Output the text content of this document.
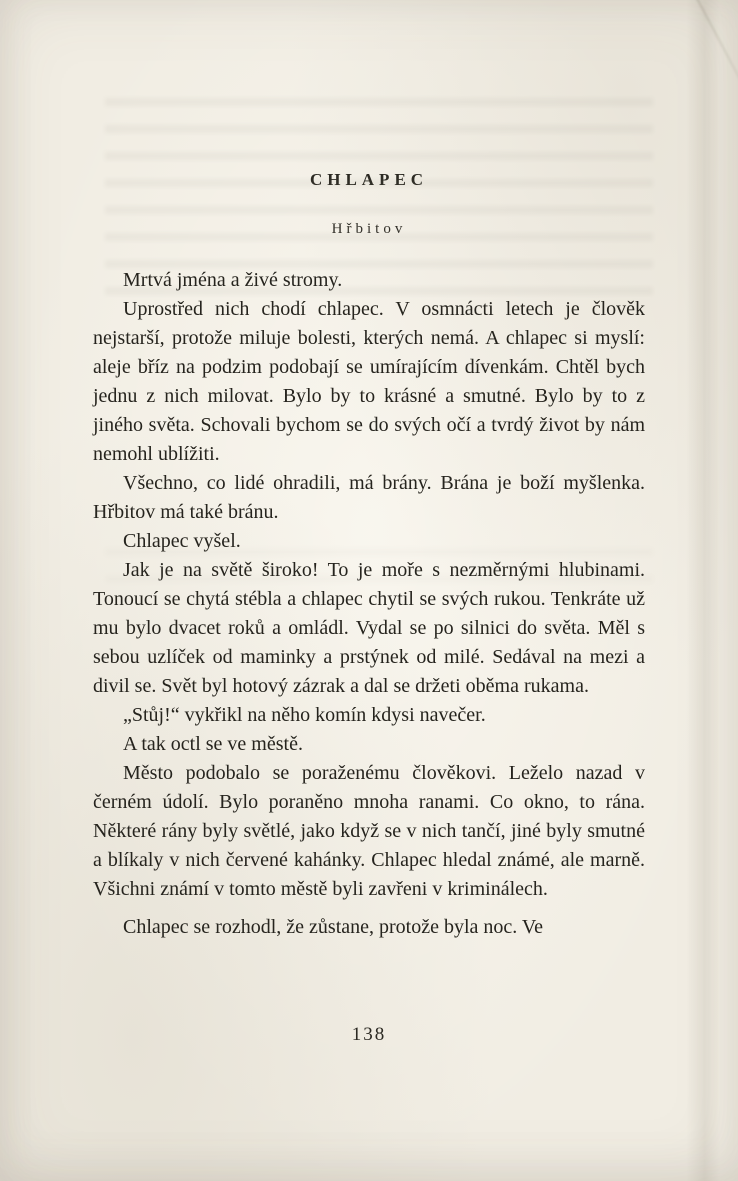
CHLAPEC
Hřbitov

Mrtvá jména a živé stromy.

Uprostřed nich chodí chlapec. V osmnácti letech je člověk nejstarší, protože miluje bolesti, kterých nemá. A chlapec si myslí: aleje bříz na podzim podobají se umírajícím dívenkám. Chtěl bych jednu z nich milovat. Bylo by to krásné a smutné. Bylo by to z jiného světa. Schovali bychom se do svých očí a tvrdý život by nám nemohl ublížiti.

Všechno, co lidé ohradili, má brány. Brána je boží myšlenka. Hřbitov má také bránu.

Chlapec vyšel.

Jak je na světě široko! To je moře s nezměrnými hlubinami. Tonoucí se chytá stébla a chlapec chytil se svých rukou. Tenkráte už mu bylo dvacet roků a omládl. Vydal se po silnici do světa. Měl s sebou uzlíček od maminky a prstýnek od milé. Sedával na mezi a divil se. Svět byl hotový zázrak a dal se držeti oběma rukama.

„Stůj!“ vykřikl na něho komín kdysi navečer.

A tak octl se ve městě.

Město podobalo se poraženému člověkovi. Leželo nazad v černém údolí. Bylo poraněno mnoha ranami. Co okno, to rána. Některé rány byly světlé, jako když se v nich tančí, jiné byly smutné a blíkaly v nich červené kahánky. Chlapec hledal známé, ale marně. Všichni známí v tomto městě byli zavřeni v kriminálech.

Chlapec se rozhodl, že zůstane, protože byla noc. Ve

138
